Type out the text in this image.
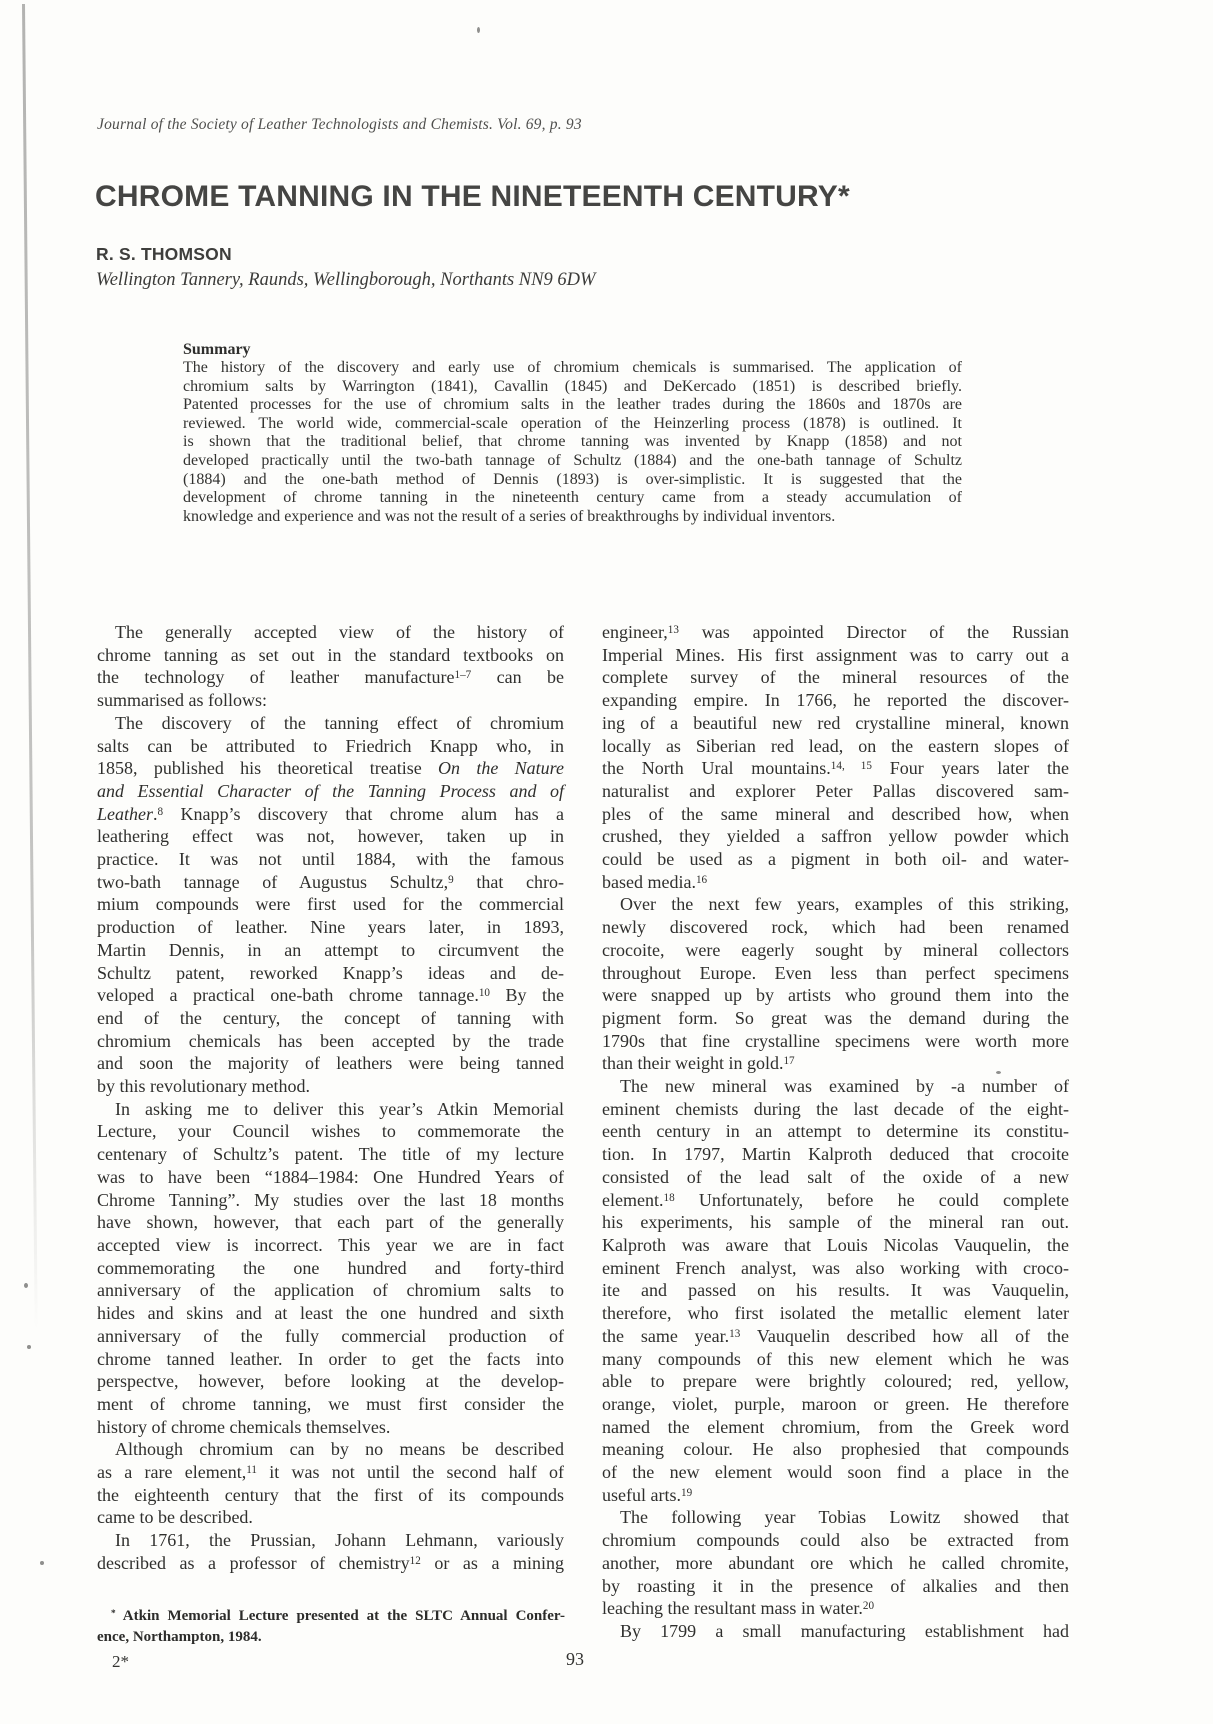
Journal of the Society of Leather Technologists and Chemists. Vol. 69, p. 93
CHROME TANNING IN THE NINETEENTH CENTURY*
R. S. THOMSON
Wellington Tannery, Raunds, Wellingborough, Northants NN9 6DW
Summary
The history of the discovery and early use of chromium chemicals is summarised. The application of
chromium salts by Warrington (1841), Cavallin (1845) and DeKercado (1851) is described briefly.
Patented processes for the use of chromium salts in the leather trades during the 1860s and 1870s are
reviewed. The world wide, commercial-scale operation of the Heinzerling process (1878) is outlined. It
is shown that the traditional belief, that chrome tanning was invented by Knapp (1858) and not
developed practically until the two-bath tannage of Schultz (1884) and the one-bath tannage of Schultz
(1884) and the one-bath method of Dennis (1893) is over-simplistic. It is suggested that the
development of chrome tanning in the nineteenth century came from a steady accumulation of
knowledge and experience and was not the result of a series of breakthroughs by individual inventors.
The generally accepted view of the history of
chrome tanning as set out in the standard textbooks on
the technology of leather manufacture$^{1-7}$ can be
summarised as follows:
The discovery of the tanning effect of chromium
salts can be attributed to Friedrich Knapp who, in
1858, published his theoretical treatise On the Nature
and Essential Character of the Tanning Process and of
Leather.$^8$ Knapp’s discovery that chrome alum has a
leathering effect was not, however, taken up in
practice. It was not until 1884, with the famous
two-bath tannage of Augustus Schultz,$^9$ that chro-
mium compounds were first used for the commercial
production of leather. Nine years later, in 1893,
Martin Dennis, in an attempt to circumvent the
Schultz patent, reworked Knapp’s ideas and de-
veloped a practical one-bath chrome tannage.$^{10}$ By the
end of the century, the concept of tanning with
chromium chemicals has been accepted by the trade
and soon the majority of leathers were being tanned
by this revolutionary method.
In asking me to deliver this year’s Atkin Memorial
Lecture, your Council wishes to commemorate the
centenary of Schultz’s patent. The title of my lecture
was to have been “1884–1984: One Hundred Years of
Chrome Tanning”. My studies over the last 18 months
have shown, however, that each part of the generally
accepted view is incorrect. This year we are in fact
commemorating the one hundred and forty-third
anniversary of the application of chromium salts to
hides and skins and at least the one hundred and sixth
anniversary of the fully commercial production of
chrome tanned leather. In order to get the facts into
perspectve, however, before looking at the develop-
ment of chrome tanning, we must first consider the
history of chrome chemicals themselves.
Although chromium can by no means be described
as a rare element,$^{11}$ it was not until the second half of
the eighteenth century that the first of its compounds
came to be described.
In 1761, the Prussian, Johann Lehmann, variously
described as a professor of chemistry$^{12}$ or as a mining
engineer,$^{13}$ was appointed Director of the Russian
Imperial Mines. His first assignment was to carry out a
complete survey of the mineral resources of the
expanding empire. In 1766, he reported the discover-
ing of a beautiful new red crystalline mineral, known
locally as Siberian red lead, on the eastern slopes of
the North Ural mountains.$^{14, 15}$ Four years later the
naturalist and explorer Peter Pallas discovered sam-
ples of the same mineral and described how, when
crushed, they yielded a saffron yellow powder which
could be used as a pigment in both oil- and water-
based media.$^{16}$
Over the next few years, examples of this striking,
newly discovered rock, which had been renamed
crocoite, were eagerly sought by mineral collectors
throughout Europe. Even less than perfect specimens
were snapped up by artists who ground them into the
pigment form. So great was the demand during the
1790s that fine crystalline specimens were worth more
than their weight in gold.$^{17}$
The new mineral was examined by -a number of
eminent chemists during the last decade of the eight-
eenth century in an attempt to determine its constitu-
tion. In 1797, Martin Kalproth deduced that crocoite
consisted of the lead salt of the oxide of a new
element.$^{18}$ Unfortunately, before he could complete
his experiments, his sample of the mineral ran out.
Kalproth was aware that Louis Nicolas Vauquelin, the
eminent French analyst, was also working with croco-
ite and passed on his results. It was Vauquelin,
therefore, who first isolated the metallic element later
the same year.$^{13}$ Vauquelin described how all of the
many compounds of this new element which he was
able to prepare were brightly coloured; red, yellow,
orange, violet, purple, maroon or green. He therefore
named the element chromium, from the Greek word
meaning colour. He also prophesied that compounds
of the new element would soon find a place in the
useful arts.$^{19}$
The following year Tobias Lowitz showed that
chromium compounds could also be extracted from
another, more abundant ore which he called chromite,
by roasting it in the presence of alkalies and then
leaching the resultant mass in water.$^{20}$
By 1799 a small manufacturing establishment had
* Atkin Memorial Lecture presented at the SLTC Annual Confer-
ence, Northampton, 1984.
2*	93
